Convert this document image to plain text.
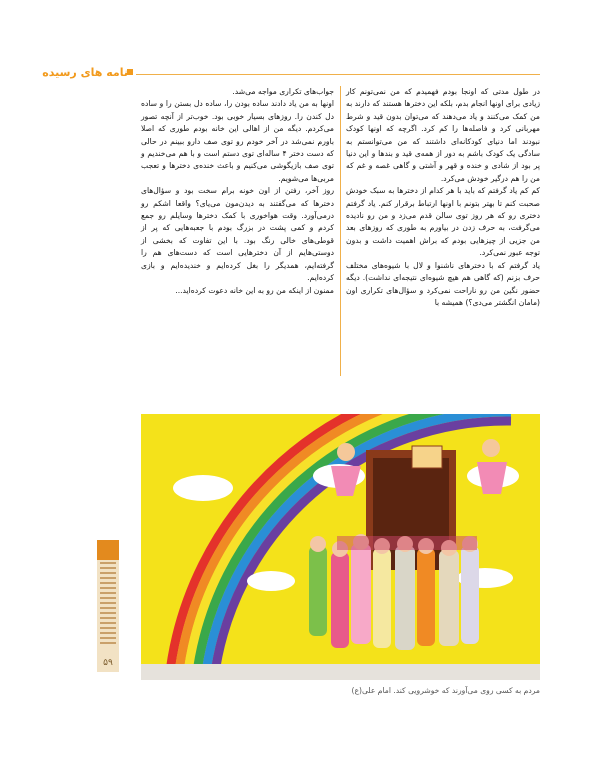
نامه های رسیده

در طول مدتی که اونجا بودم فهمیدم که من نمی‌تونم کار زیادی برای اونها انجام بدم، بلکه این دخترها هستند که دارند به من کمک می‌کنند و یاد می‌دهند که می‌توان بدون قید و شرط مهربانی کرد و فاصله‌ها را کم کرد. اگرچه که اونها کودک نبودند اما دنیای کودکانه‌ای داشتند که من می‌توانستم به سادگی یک کودک باشم به دور از همه‌ی قید و بندها و این دنیا پر بود از شادی و خنده و قهر و آشتی و گاهی غصه و غم که من را هم درگیر خودش می‌کرد.

کم کم یاد گرفتم که باید با هر کدام از دخترها به سبک خودش صحبت کنم تا بهتر بتونم با اونها ارتباط برقرار کنم. یاد گرفتم دختری رو که هر روز توی سالن قدم می‌زد و من رو نادیده می‌گرفت، به حرف زدن در بیاورم به طوری که روزهای بعد من جزیی از چیزهایی بودم که براش اهمیت داشت و بدون توجه عبور نمی‌کرد.

یاد گرفتم که با دخترهای ناشنوا و لال با شیوه‌های مختلف حرف بزنم (که گاهی هم هیچ شیوه‌ای نتیجه‌ای نداشت). دیگه حضور نگین من رو ناراحت نمی‌کرد و سؤال‌های تکراری اون (مامان انگشتر می‌دی؟) همیشه با

جواب‌های تکراری مواجه می‌شد.

اونها به من یاد دادند ساده بودن را، ساده دل بستن را و ساده دل کندن را. روزهای بسیار خوبی بود. خوب‌تر از آنچه تصور می‌کردم. دیگه من از اهالی این خانه بودم طوری که اصلا باورم نمی‌شد در آخر خودم رو توی صف دارو ببینم در حالی که دست دختر ۴ ساله‌ای توی دستم است و با هم می‌خندیم و توی صف بازیگوشی می‌کنیم و باعث خنده‌ی دخترها و تعجب مربی‌ها می‌شویم.

روز آخر، رفتن از اون خونه برام سخت بود و سؤال‌های دخترها که می‌گفتند به دیدن‌مون می‌یای؟ واقعا اشکم رو درمی‌آورد. وقت هواخوری با کمک دخترها وسایلم رو جمع کردم و کمی پشت در بزرگ بودم با جعبه‌هایی که پر از قوطی‌های خالی رنگ بود. با این تفاوت که بخشی از دوستی‌هایم از آن دخترهایی است که دست‌های هم را گرفته‌ایم، همدیگر را بغل کرده‌ایم و خندیده‌ایم و بازی کرده‌ایم.

ممنون از اینکه من رو به این خانه دعوت کرده‌اید...

۵۹
مردم به کسی روی می‌آورند که خوشرویی کند. امام علی(ع)
